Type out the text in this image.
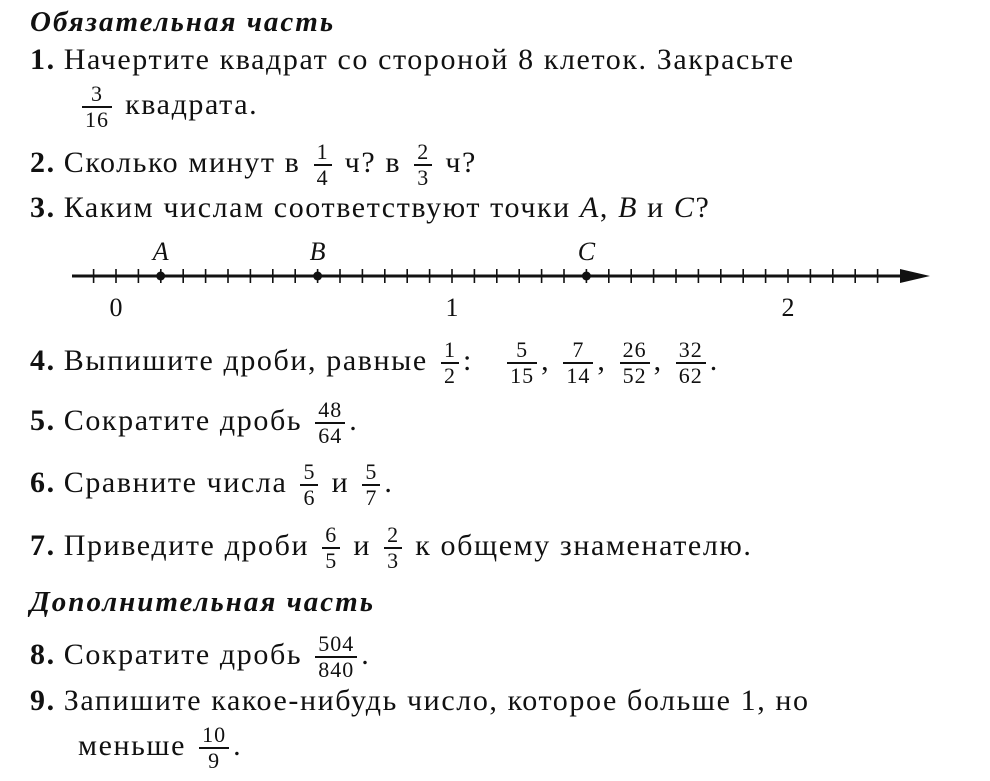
Обязательная часть
1. Начертите квадрат со стороной 8 клеток. Закрасьте
$\frac{3}{16}$ квадрата.
2. Сколько минут в $\frac{1}{4} ч$? в $\frac{2}{3} ч$?
3. Каким числам соответствуют точки A, B и C?
A	B	C
0	1	2
4. Выпишите дроби, равные $\frac{1}{2}$ : $\frac{5}{15}$ , $\frac{7}{14}$ , $\frac{26}{52}$ , $\frac{32}{62}$ .
5. Сократите дробь $\frac{48}{64}$ .
6. Сравните числа $\frac{5}{6}$ и $\frac{5}{7}$ .
7. Приведите дроби $\frac{6}{5}$ и $\frac{2}{3}$ к общему знаменателю.
Дополнительная часть
8. Сократите дробь $\frac{504}{840}$ .
9. Запишите какое-нибудь число, которое больше 1, но
меньше $\frac{10}{9}$ .
